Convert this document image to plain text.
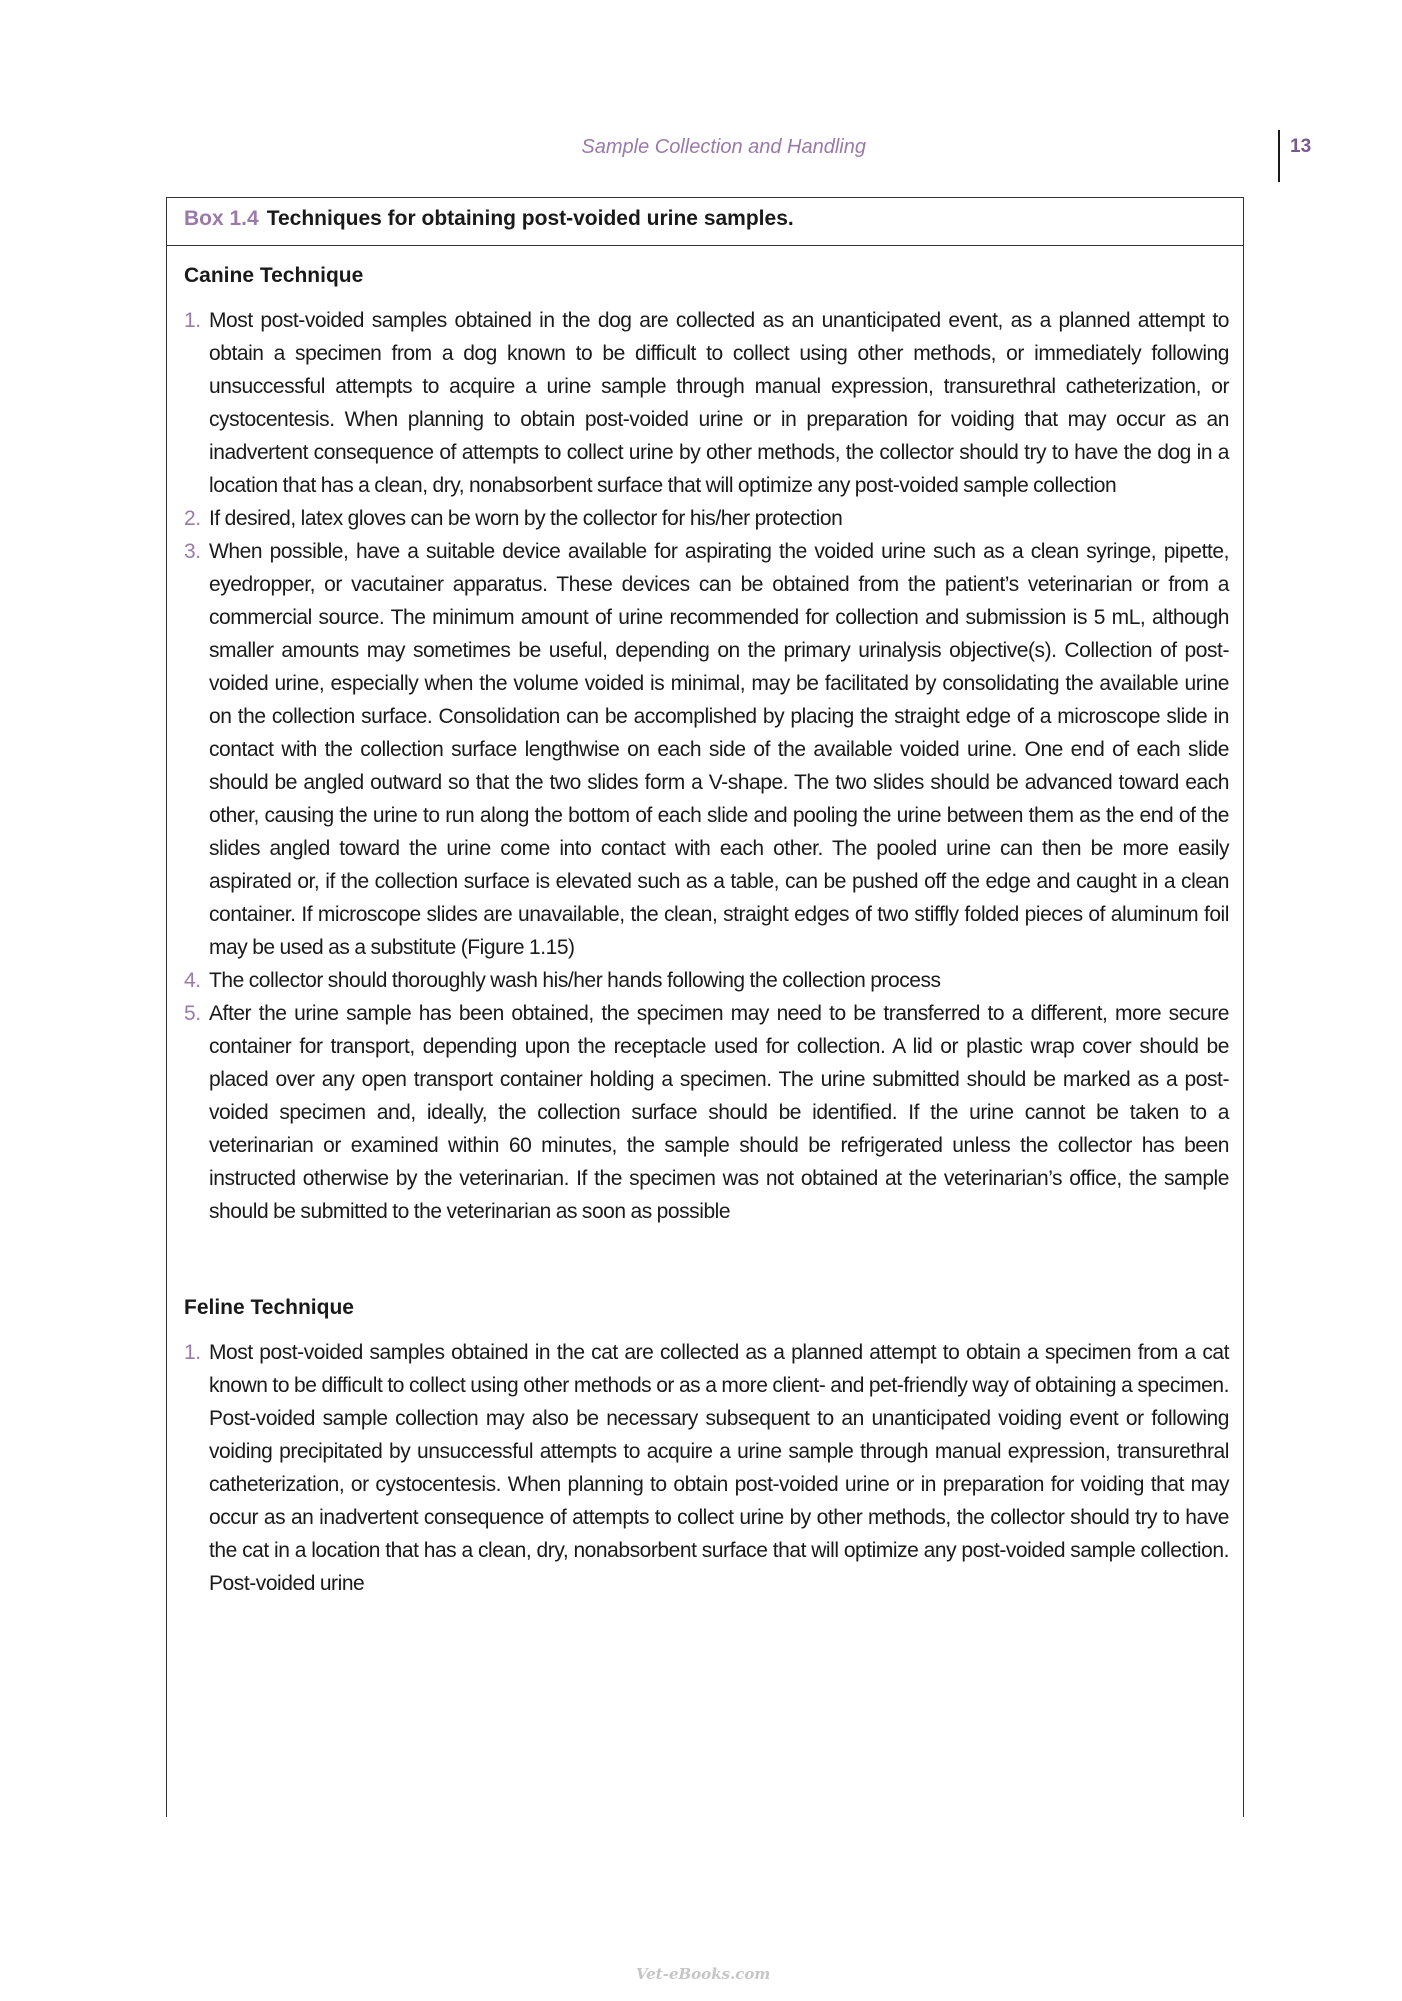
Sample Collection and Handling	13
Box 1.4 Techniques for obtaining post-voided urine samples.
Canine Technique
1. Most post-voided samples obtained in the dog are collected as an unanticipated event, as a planned attempt to obtain a specimen from a dog known to be difficult to collect using other methods, or immediately following unsuccessful attempts to acquire a urine sample through manual expression, transurethral catheterization, or cystocentesis. When planning to obtain post-voided urine or in preparation for voiding that may occur as an inadvertent consequence of attempts to collect urine by other methods, the collector should try to have the dog in a location that has a clean, dry, nonabsorbent surface that will optimize any post-voided sample collection
2. If desired, latex gloves can be worn by the collector for his/her protection
3. When possible, have a suitable device available for aspirating the voided urine such as a clean syringe, pipette, eyedropper, or vacutainer apparatus. These devices can be obtained from the patient’s veterinarian or from a commercial source. The minimum amount of urine recommended for collection and submission is 5 mL, although smaller amounts may sometimes be useful, depending on the primary urinalysis objective(s). Collection of post-voided urine, especially when the volume voided is minimal, may be facilitated by consolidating the available urine on the collection surface. Consolidation can be accomplished by placing the straight edge of a microscope slide in contact with the collection surface lengthwise on each side of the available voided urine. One end of each slide should be angled outward so that the two slides form a V-shape. The two slides should be advanced toward each other, causing the urine to run along the bottom of each slide and pooling the urine between them as the end of the slides angled toward the urine come into contact with each other. The pooled urine can then be more easily aspirated or, if the collection surface is elevated such as a table, can be pushed off the edge and caught in a clean container. If microscope slides are unavailable, the clean, straight edges of two stiffly folded pieces of aluminum foil may be used as a substitute (Figure 1.15)
4. The collector should thoroughly wash his/her hands following the collection process
5. After the urine sample has been obtained, the specimen may need to be transferred to a different, more secure container for transport, depending upon the receptacle used for collection. A lid or plastic wrap cover should be placed over any open transport container holding a specimen. The urine submitted should be marked as a post-voided specimen and, ideally, the collection surface should be identified. If the urine cannot be taken to a veterinarian or examined within 60 minutes, the sample should be refrigerated unless the collector has been instructed otherwise by the veterinarian. If the specimen was not obtained at the veterinarian’s office, the sample should be submitted to the veterinarian as soon as possible
Feline Technique
1. Most post-voided samples obtained in the cat are collected as a planned attempt to obtain a specimen from a cat known to be difficult to collect using other methods or as a more client- and pet-friendly way of obtaining a specimen. Post-voided sample collection may also be necessary subsequent to an unanticipated voiding event or following voiding precipitated by unsuccessful attempts to acquire a urine sample through manual expression, transurethral catheterization, or cystocentesis. When planning to obtain post-voided urine or in preparation for voiding that may occur as an inadvertent consequence of attempts to collect urine by other methods, the collector should try to have the cat in a location that has a clean, dry, nonabsorbent surface that will optimize any post-voided sample collection. Post-voided urine
Vet-eBooks.com
